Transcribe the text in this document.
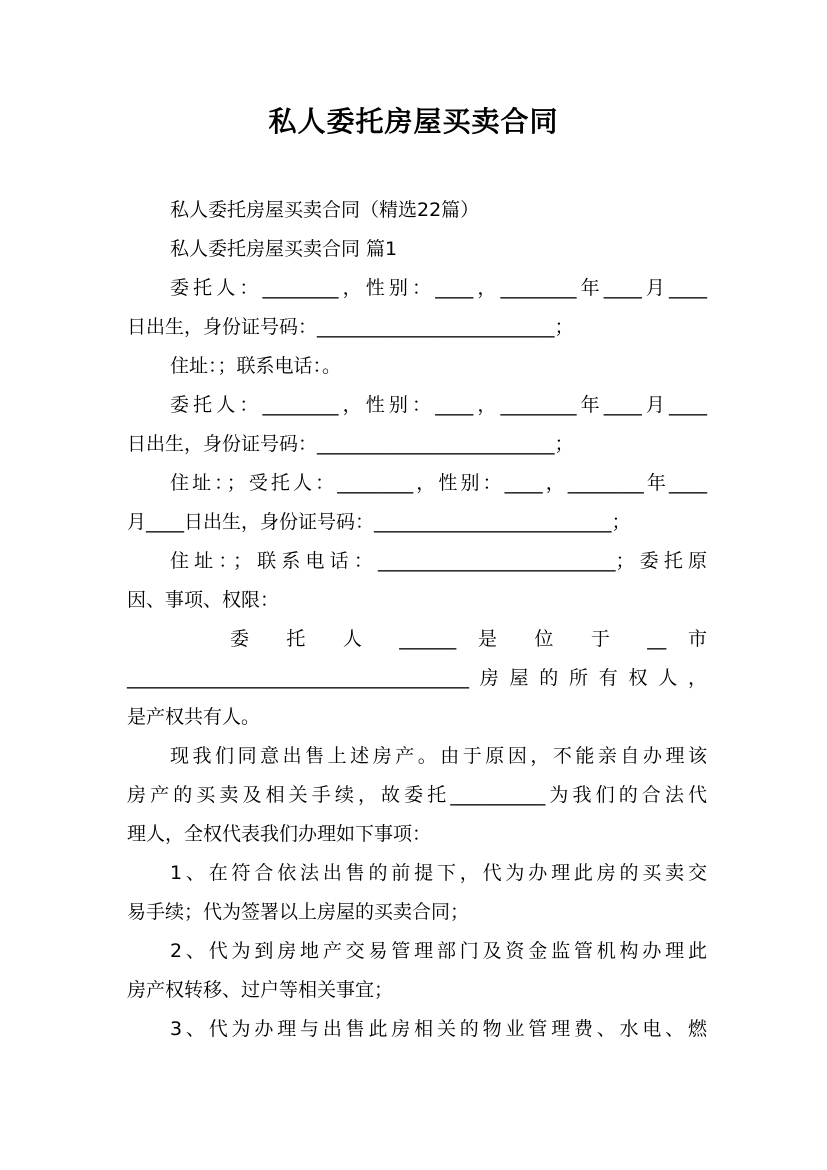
私人委托房屋买卖合同
私人委托房屋买卖合同（精选22篇）
私人委托房屋买卖合同 篇1
委托人：________，性别：____，________年____月____
日出生，身份证号码：_________________________；
住址：；联系电话：。
委托人：________，性别：____，________年____月____
日出生，身份证号码：_________________________；
住址：；受托人：________，性别：____，________年____
月____日出生，身份证号码：_________________________；
住址：；联系电话：_________________________；委托原
因、事项、权限：
委 托 人 ______ 是 位 于 __ 市
____________________________________房屋的所有权人，
是产权共有人。
现我们同意出售上述房产。由于原因，不能亲自办理该
房产的买卖及相关手续，故委托__________为我们的合法代
理人，全权代表我们办理如下事项：
1、在符合依法出售的前提下，代为办理此房的买卖交
易手续；代为签署以上房屋的买卖合同；
2、代为到房地产交易管理部门及资金监管机构办理此
房产权转移、过户等相关事宜；
3、代为办理与出售此房相关的物业管理费、水电、燃
